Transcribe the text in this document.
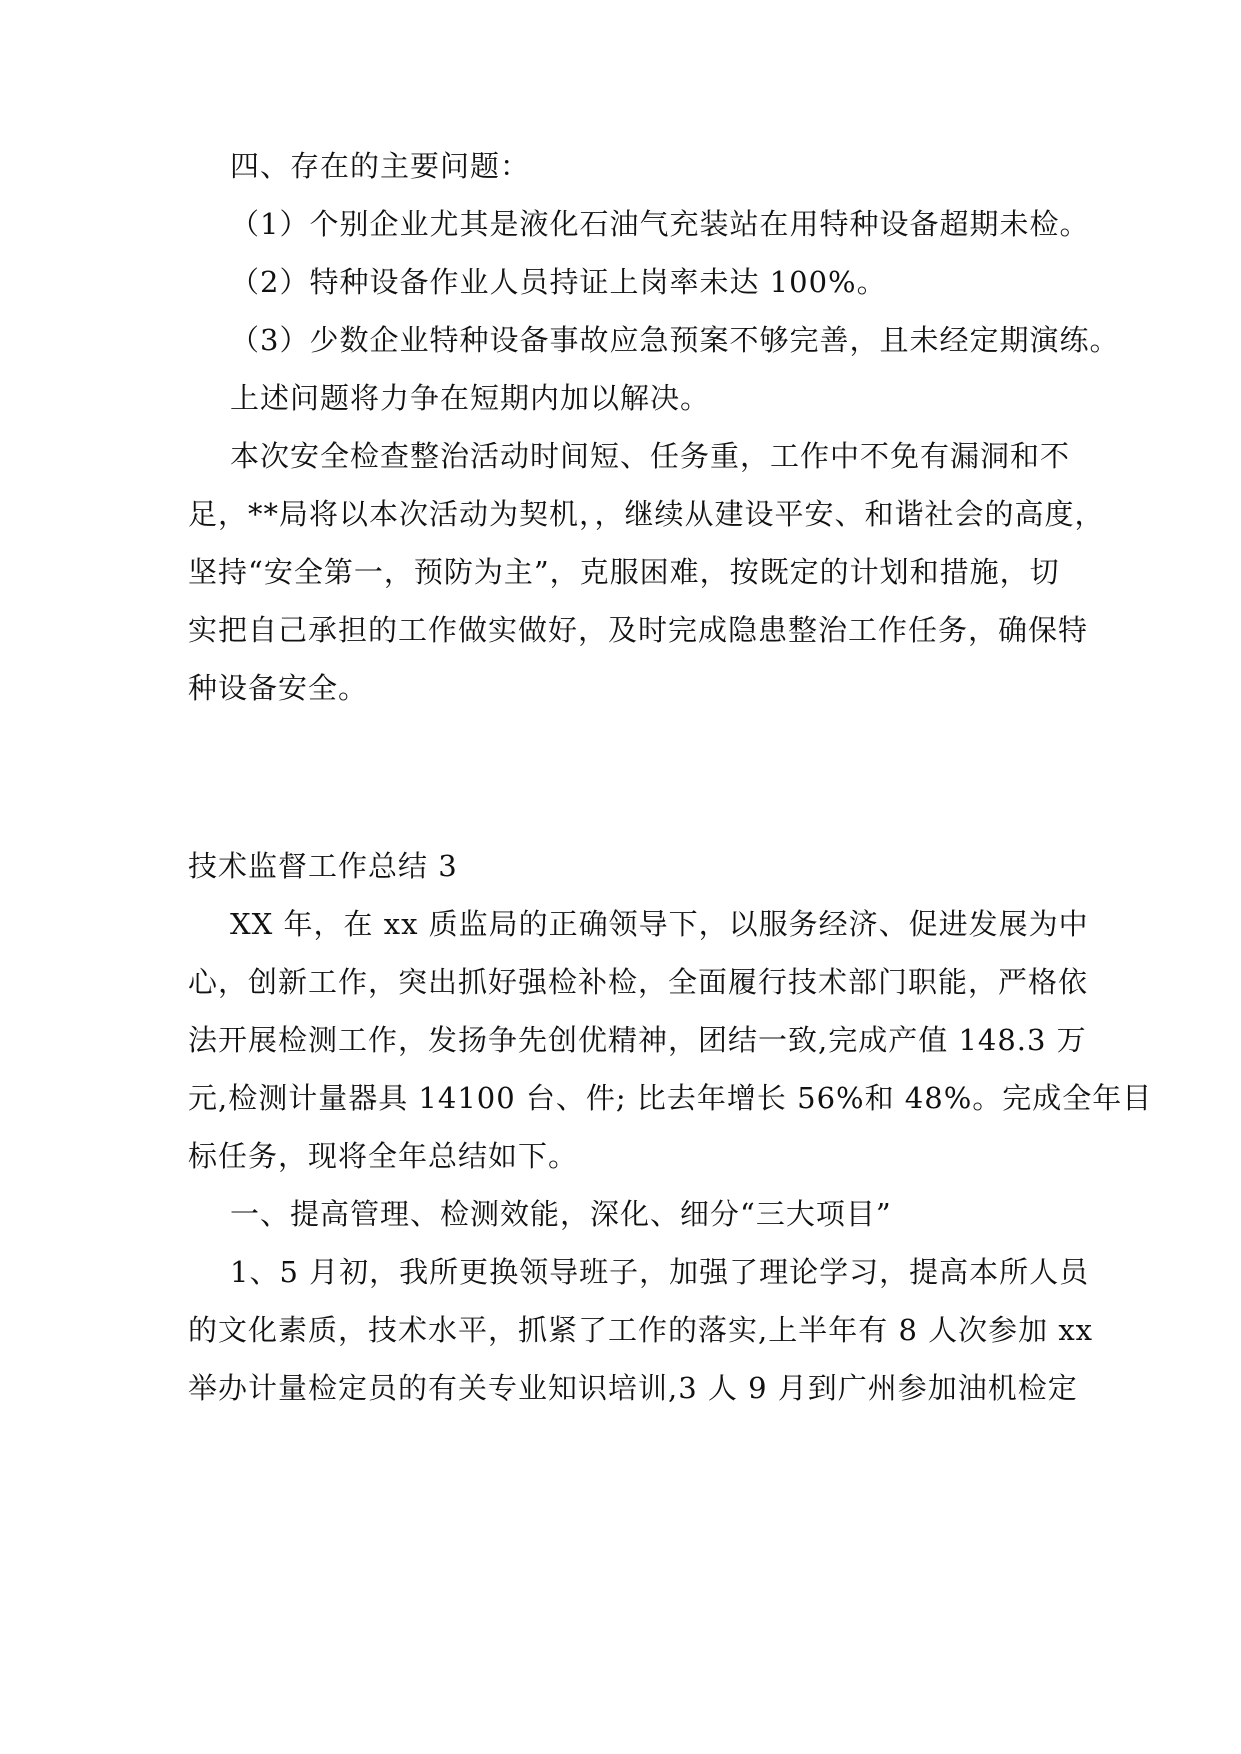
四、存在的主要问题：
（1）个别企业尤其是液化石油气充装站在用特种设备超期未检。
（2）特种设备作业人员持证上岗率未达 100%。
（3）少数企业特种设备事故应急预案不够完善，且未经定期演练。
上述问题将力争在短期内加以解决。
本次安全检查整治活动时间短、任务重，工作中不免有漏洞和不
足，**局将以本次活动为契机，，继续从建设平安、和谐社会的高度，
坚持“安全第一，预防为主”，克服困难，按既定的计划和措施，切
实把自己承担的工作做实做好，及时完成隐患整治工作任务，确保特
种设备安全。
技术监督工作总结 3
XX 年，在 xx 质监局的正确领导下，以服务经济、促进发展为中
心，创新工作，突出抓好强检补检，全面履行技术部门职能，严格依
法开展检测工作，发扬争先创优精神，团结一致,完成产值 148.3 万
元,检测计量器具 14100 台、件; 比去年增长 56%和 48%。完成全年目
标任务，现将全年总结如下。
一、提高管理、检测效能，深化、细分“三大项目”
1、5 月初，我所更换领导班子，加强了理论学习，提高本所人员
的文化素质，技术水平，抓紧了工作的落实,上半年有 8 人次参加 xx
举办计量检定员的有关专业知识培训,3 人 9 月到广州参加油机检定
